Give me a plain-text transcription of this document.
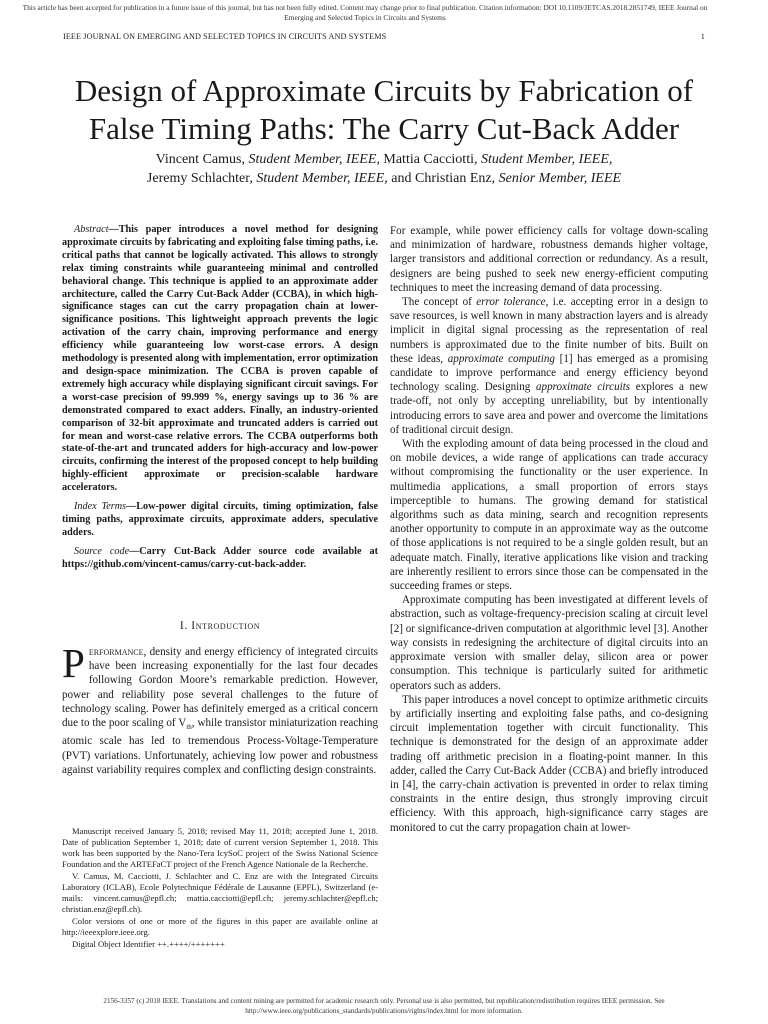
This article has been accepted for publication in a future issue of this journal, but has not been fully edited. Content may change prior to final publication. Citation information: DOI 10.1109/JETCAS.2018.2851749, IEEE Journal on Emerging and Selected Topics in Circuits and Systems
IEEE JOURNAL ON EMERGING AND SELECTED TOPICS IN CIRCUITS AND SYSTEMS	1
Design of Approximate Circuits by Fabrication of
False Timing Paths: The Carry Cut-Back Adder
Vincent Camus, Student Member, IEEE, Mattia Cacciotti, Student Member, IEEE,
Jeremy Schlachter, Student Member, IEEE, and Christian Enz, Senior Member, IEEE

Abstract—This paper introduces a novel method for designing approximate circuits by fabricating and exploiting false timing paths, i.e. critical paths that cannot be logically activated. This allows to strongly relax timing constraints while guaranteeing minimal and controlled behavioral change. This technique is applied to an approximate adder architecture, called the Carry Cut-Back Adder (CCBA), in which high-significance stages can cut the carry propagation chain at lower-significance positions. This lightweight approach prevents the logic activation of the carry chain, improving performance and energy efficiency while guaranteeing low worst-case errors. A design methodology is presented along with implementation, error optimization and design-space minimization. The CCBA is proven capable of extremely high accuracy while displaying significant circuit savings. For a worst-case precision of 99.999 %, energy savings up to 36 % are demonstrated compared to exact adders. Finally, an industry-oriented comparison of 32-bit approximate and truncated adders is carried out for mean and worst-case relative errors. The CCBA outperforms both state-of-the-art and truncated adders for high-accuracy and low-power circuits, confirming the interest of the proposed concept to help building highly-efficient approximate or precision-scalable hardware accelerators.

Index Terms—Low-power digital circuits, timing optimization, false timing paths, approximate circuits, approximate adders, speculative adders.

Source code—Carry Cut-Back Adder source code available at https://github.com/vincent-camus/carry-cut-back-adder.

I. Introduction

Performance, density and energy efficiency of integrated circuits have been increasing exponentially for the last four decades following Gordon Moore’s remarkable prediction. However, power and reliability pose several challenges to the future of technology scaling. Power has definitely emerged as a critical concern due to the poor scaling of $V_{th}$, while transistor miniaturization reaching atomic scale has led to tremendous Process-Voltage-Temperature (PVT) variations. Unfortunately, achieving low power and robustness against variability requires complex and conflicting design constraints.

Manuscript received January 5, 2018; revised May 11, 2018; accepted June 1, 2018. Date of publication September 1, 2018; date of current version September 1, 2018. This work has been supported by the Nano-Tera IcySoC project of the Swiss National Science Foundation and the ARTEFaCT project of the French Agence Nationale de la Recherche.

V. Camus, M. Cacciotti, J. Schlachter and C. Enz are with the Integrated Circuits Laboratory (ICLAB), Ecole Polytechnique Fédérale de Lausanne (EPFL), Switzerland (e-mails: vincent.camus@epfl.ch; mattia.cacciotti@epfl.ch; jeremy.schlachter@epfl.ch; christian.enz@epfl.ch).

Color versions of one or more of the figures in this paper are available online at http://ieeexplore.ieee.org.

Digital Object Identifier ++.++++/+++++++

For example, while power efficiency calls for voltage down-scaling and minimization of hardware, robustness demands higher voltage, larger transistors and additional correction or redundancy. As a result, designers are being pushed to seek new energy-efficient computing techniques to meet the increasing demand of data processing.

The concept of error tolerance, i.e. accepting error in a design to save resources, is well known in many abstraction layers and is already implicit in digital signal processing as the representation of real numbers is approximated due to the finite number of bits. Built on these ideas, approximate computing [1] has emerged as a promising candidate to improve performance and energy efficiency beyond technology scaling. Designing approximate circuits explores a new trade-off, not only by accepting unreliability, but by intentionally introducing errors to save area and power and overcome the limitations of traditional circuit design.

With the exploding amount of data being processed in the cloud and on mobile devices, a wide range of applications can trade accuracy without compromising the functionality or the user experience. In multimedia applications, a small proportion of errors stays imperceptible to humans. The growing demand for statistical algorithms such as data mining, search and recognition represents another opportunity to compute in an approximate way as the outcome of those applications is not required to be a single golden result, but an adequate match. Finally, iterative applications like vision and tracking are inherently resilient to errors since those can be compensated in the succeeding frames or steps.

Approximate computing has been investigated at different levels of abstraction, such as voltage-frequency-precision scaling at circuit level [2] or significance-driven computation at algorithmic level [3]. Another way consists in redesigning the architecture of digital circuits into an approximate version with smaller delay, silicon area or power consumption. This technique is particularly suited for arithmetic operators such as adders.

This paper introduces a novel concept to optimize arithmetic circuits by artificially inserting and exploiting false paths, and co-designing circuit implementation together with circuit functionality. This technique is demonstrated for the design of an approximate adder trading off arithmetic precision in a floating-point manner. In this adder, called the Carry Cut-Back Adder (CCBA) and briefly introduced in [4], the carry-chain activation is prevented in order to relax timing constraints in the entire design, thus strongly improving circuit efficiency. With this approach, high-significance carry stages are monitored to cut the carry propagation chain at lower-

2156-3357 (c) 2018 IEEE. Translations and content mining are permitted for academic research only. Personal use is also permitted, but republication/redistribution requires IEEE permission. See http://www.ieee.org/publications_standards/publications/rights/index.html for more information.
